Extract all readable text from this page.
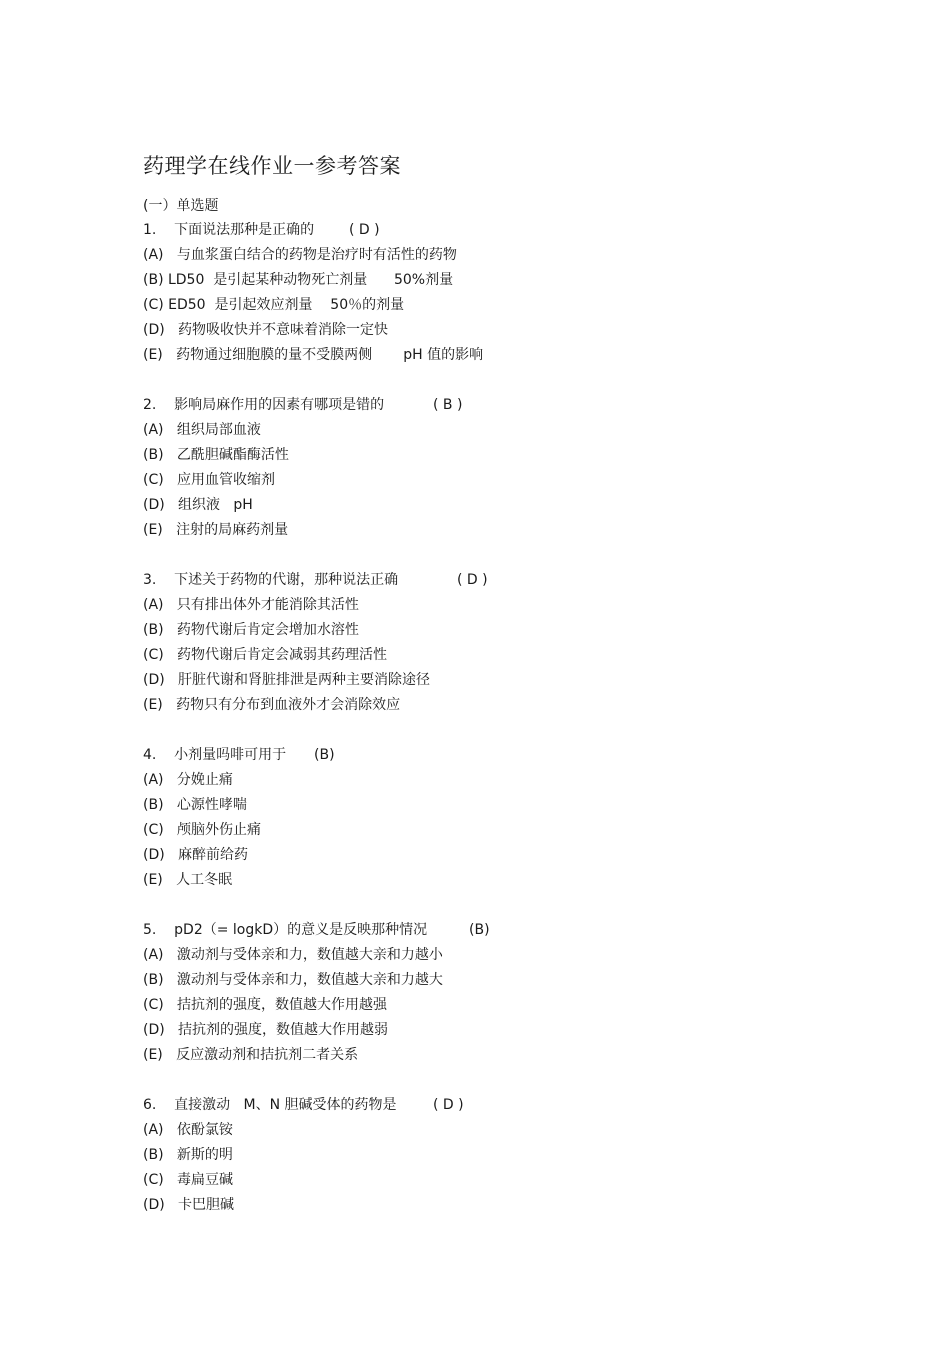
药理学在线作业一参考答案
(一）单选题
1.    下面说法那种是正确的 ( D )
(A)   与血浆蛋白结合的药物是治疗时有活性的药物
(B) LD50  是引起某种动物死亡剂量      50%剂量
(C) ED50  是引起效应剂量    50％的剂量
(D)   药物吸收快并不意味着消除一定快
(E)   药物通过细胞膜的量不受膜两侧       pH 值的影响
2.    影响局麻作用的因素有哪项是错的	( B )
(A)   组织局部血液
(B)   乙酰胆碱酯酶活性
(C)   应用血管收缩剂
(D)   组织液   pH
(E)   注射的局麻药剂量
3.    下述关于药物的代谢，那种说法正确	( D )
(A)   只有排出体外才能消除其活性
(B)   药物代谢后肯定会增加水溶性
(C)   药物代谢后肯定会减弱其药理活性
(D)   肝脏代谢和肾脏排泄是两种主要消除途径
(E)   药物只有分布到血液外才会消除效应
4.    小剂量吗啡可用于 (B)
(A)   分娩止痛
(B)   心源性哮喘
(C)   颅脑外伤止痛
(D)   麻醉前给药
(E)   人工冬眠
5.    pD2（= logkD）的意义是反映那种情况	(B)
(A)   激动剂与受体亲和力，数值越大亲和力越小
(B)   激动剂与受体亲和力，数值越大亲和力越大
(C)   拮抗剂的强度，数值越大作用越强
(D)   拮抗剂的强度，数值越大作用越弱
(E)   反应激动剂和拮抗剂二者关系
6.    直接激动   M、N 胆碱受体的药物是	( D )
(A)   依酚氯铵
(B)   新斯的明
(C)   毒扁豆碱
(D)   卡巴胆碱
